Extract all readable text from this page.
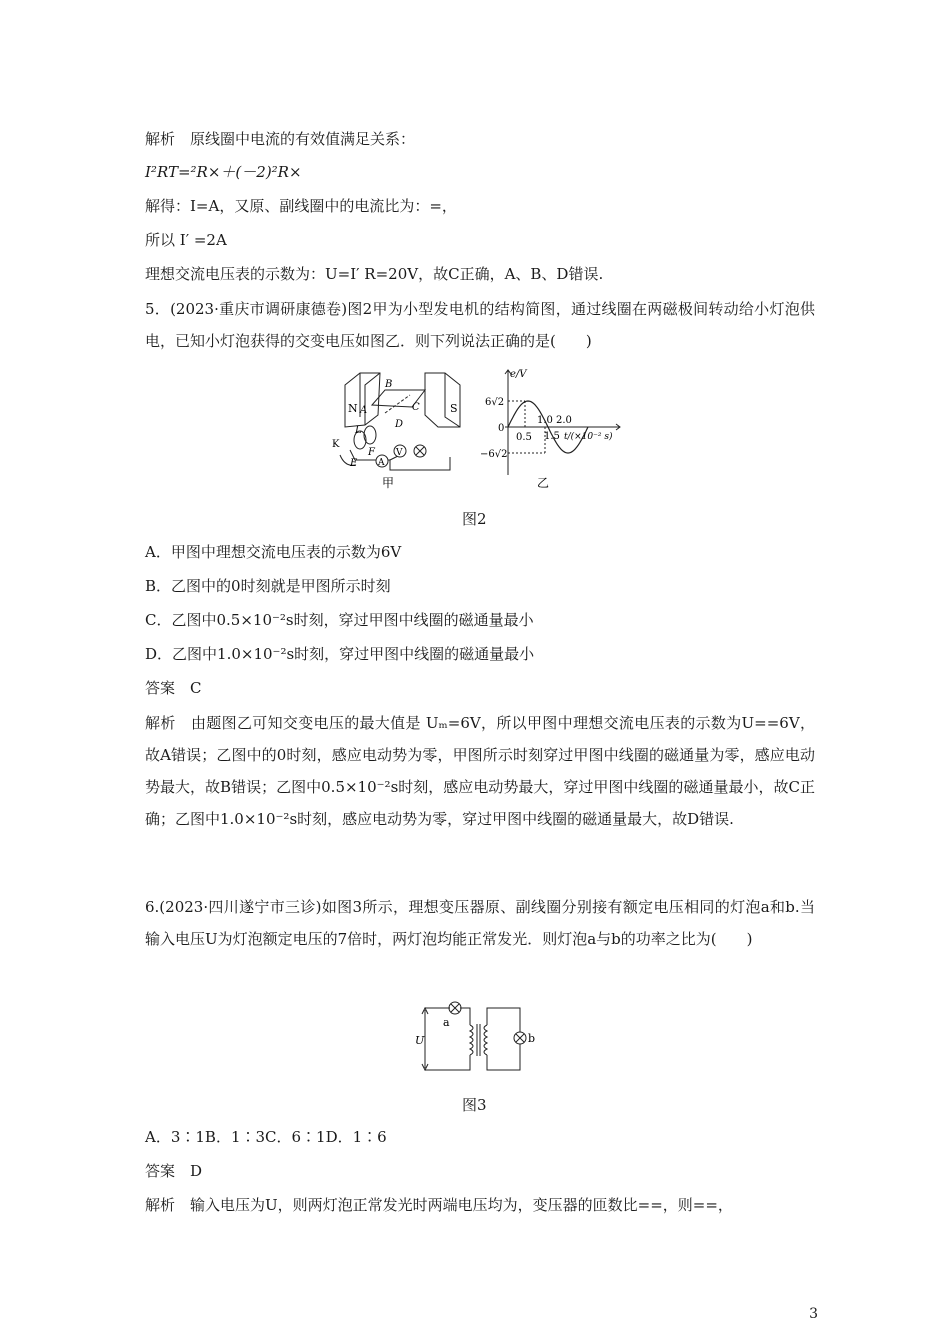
解析　原线圈中电流的有效值满足关系：
I²RT=²R×＋(－2)²R×
解得：I=A，又原、副线圈中的电流比为：=，
所以 I′ =2A
理想交流电压表的示数为：U=I′ R=20V，故C正确，A、B、D错误.
5．(2023·重庆市调研康德卷)图2甲为小型发电机的结构简图，通过线圈在两磁极间转动给小灯泡供电，已知小灯泡获得的交变电压如图乙．则下列说法正确的是(　　)
N	S
A
B
C
D
K
L
E
F
A
V
甲
e/V
6√2
0
−6√2
0.5
1.0
1.5
2.0
t/(×10⁻² s)
乙
图2
A．甲图中理想交流电压表的示数为6V
B．乙图中的0时刻就是甲图所示时刻
C．乙图中0.5×10⁻²s时刻，穿过甲图中线圈的磁通量最小
D．乙图中1.0×10⁻²s时刻，穿过甲图中线圈的磁通量最小
答案　C
解析　由题图乙可知交变电压的最大值是 Uₘ=6V，所以甲图中理想交流电压表的示数为U==6V，故A错误；乙图中的0时刻，感应电动势为零，甲图所示时刻穿过甲图中线圈的磁通量为零，感应电动势最大，故B错误；乙图中0.5×10⁻²s时刻，感应电动势最大，穿过甲图中线圈的磁通量最小，故C正确；乙图中1.0×10⁻²s时刻，感应电动势为零，穿过甲图中线圈的磁通量最大，故D错误.
6.(2023·四川遂宁市三诊)如图3所示，理想变压器原、副线圈分别接有额定电压相同的灯泡a和b.当输入电压U为灯泡额定电压的7倍时，两灯泡均能正常发光．则灯泡a与b的功率之比为(　　)
U
a
b
图3
A．3∶1B．1∶3C．6∶1D．1∶6
答案　D
解析　输入电压为U，则两灯泡正常发光时两端电压均为，变压器的匝数比==，则==，
3
